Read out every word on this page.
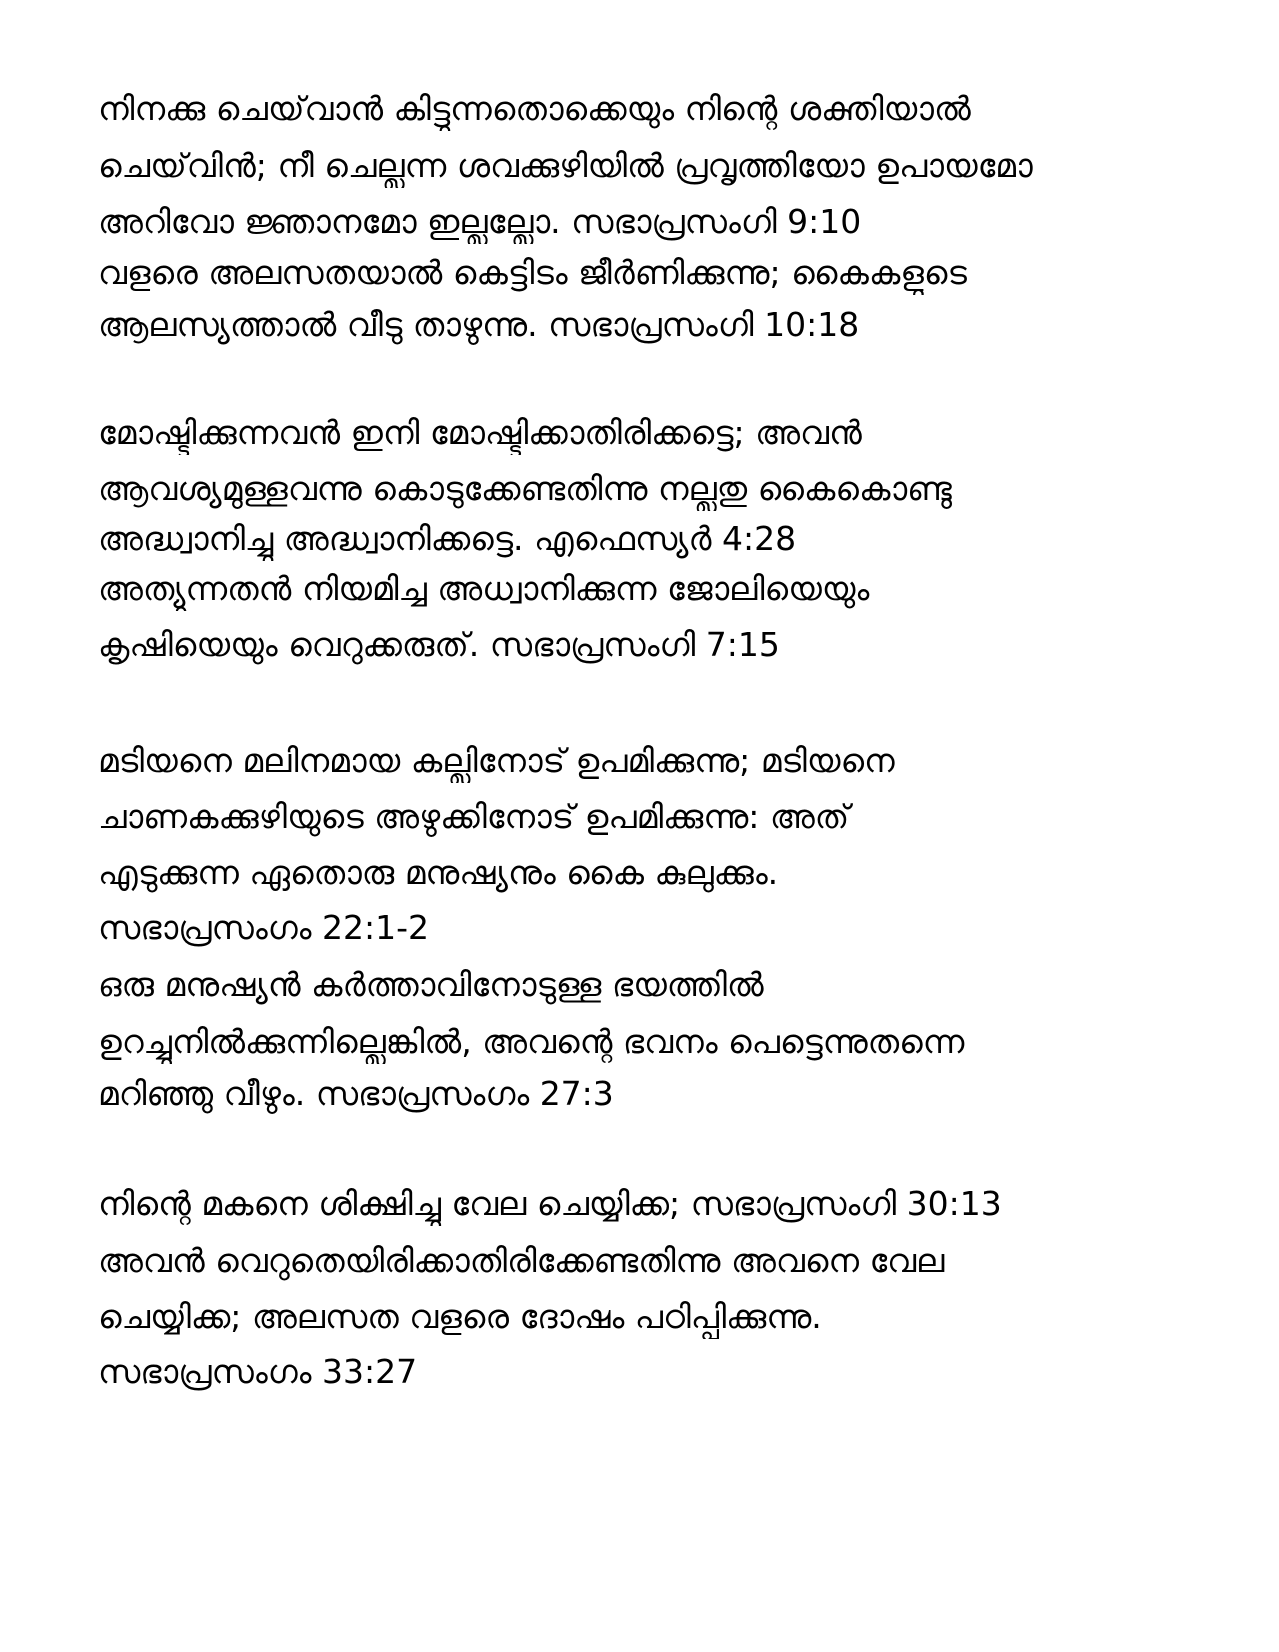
നിനക്കു ചെയ്‌വാൻ കിട്ടുന്നതൊക്കെയും നിന്റെ ശക്തിയാൽ
ചെയ്‌വിൻ; നീ ചെല്ലുന്ന ശവക്കുഴിയിൽ പ്രവൃത്തിയോ ഉപായമോ
അറിവോ ജ്ഞാനമോ ഇല്ലല്ലോ. സഭാപ്രസംഗി 9:10
വളരെ അലസതയാൽ കെട്ടിടം ജീർണിക്കുന്നു; കൈകളുടെ
ആലസ്യത്താൽ വീടു താഴുന്നു. സഭാപ്രസംഗി 10:18
മോഷ്ടിക്കുന്നവൻ ഇനി മോഷ്ടിക്കാതിരിക്കട്ടെ; അവൻ
ആവശ്യമുള്ളവന്നു കൊടുക്കേണ്ടതിന്നു നല്ലതു കൈകൊണ്ടു
അദ്ധ്വാനിച്ചു അദ്ധ്വാനിക്കട്ടെ. എഫെസ്യർ 4:28
അത്യുന്നതൻ നിയമിച്ച അധ്വാനിക്കുന്ന ജോലിയെയും
കൃഷിയെയും വെറുക്കരുത്. സഭാപ്രസംഗി 7:15
മടിയനെ മലിനമായ കല്ലിനോട് ഉപമിക്കുന്നു; മടിയനെ
ചാണകക്കുഴിയുടെ അഴുക്കിനോട് ഉപമിക്കുന്നു: അത്
എടുക്കുന്ന ഏതൊരു മനുഷ്യനും കൈ കുലുക്കും.
സഭാപ്രസംഗം 22:1-2
ഒരു മനുഷ്യൻ കർത്താവിനോടുള്ള ഭയത്തിൽ
ഉറച്ചുനിൽക്കുന്നില്ലെങ്കിൽ, അവന്റെ ഭവനം പെട്ടെന്നുതന്നെ
മറിഞ്ഞു വീഴും. സഭാപ്രസംഗം 27:3
നിന്റെ മകനെ ശിക്ഷിച്ചു വേല ചെയ്യിക്ക; സഭാപ്രസംഗി 30:13
അവൻ വെറുതെയിരിക്കാതിരിക്കേണ്ടതിന്നു അവനെ വേല
ചെയ്യിക്ക; അലസത വളരെ ദോഷം പഠിപ്പിക്കുന്നു.
സഭാപ്രസംഗം 33:27
